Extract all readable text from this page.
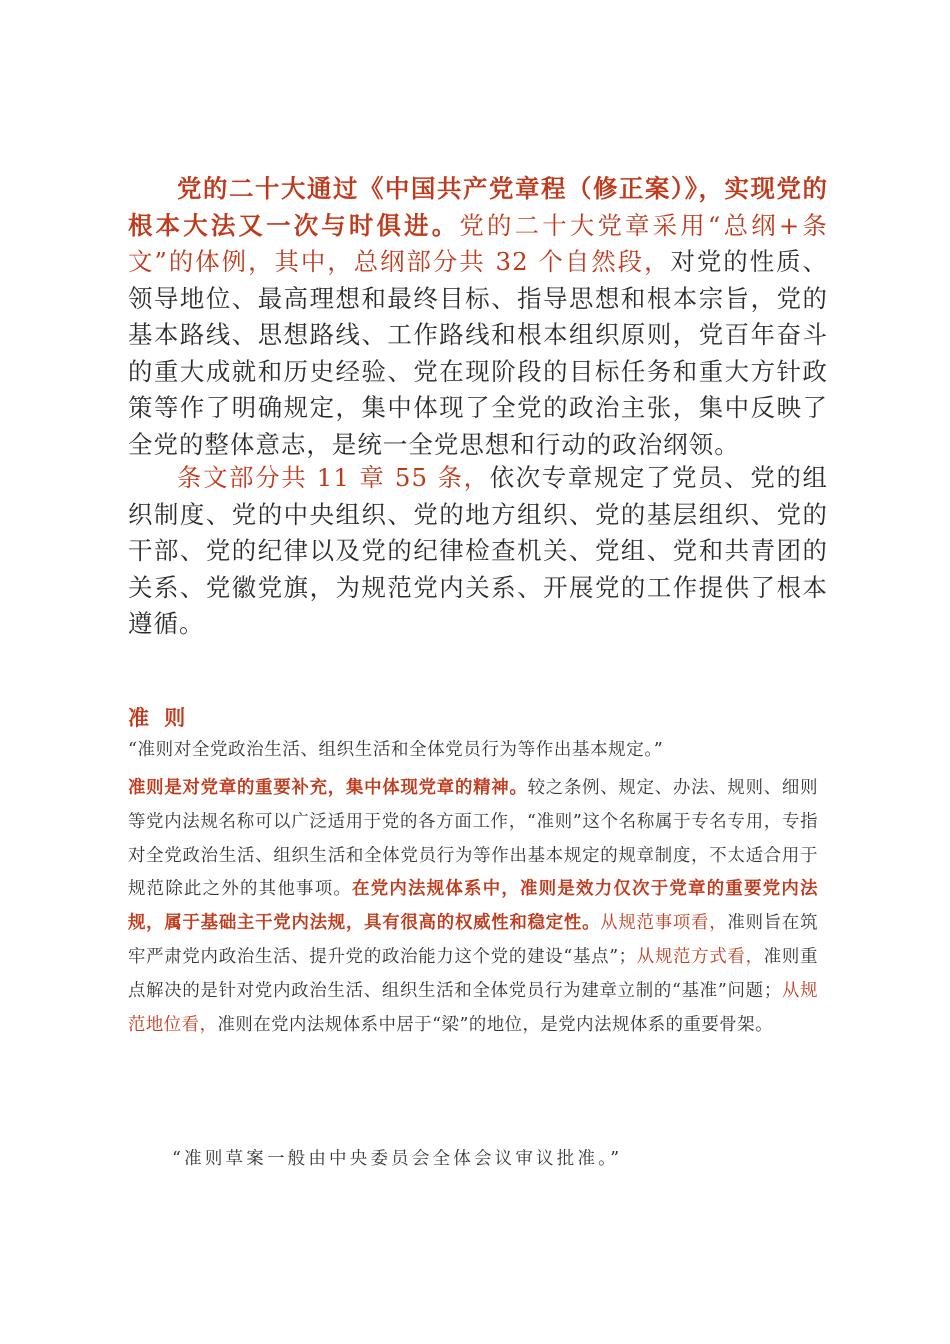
党的二十大通过《中国共产党章程（修正案）》，实现党的根本大法又一次与时俱进。党的二十大党章采用“总纲+条文”的体例，其中，总纲部分共 32 个自然段，对党的性质、领导地位、最高理想和最终目标、指导思想和根本宗旨，党的基本路线、思想路线、工作路线和根本组织原则，党百年奋斗的重大成就和历史经验、党在现阶段的目标任务和重大方针政策等作了明确规定，集中体现了全党的政治主张，集中反映了全党的整体意志，是统一全党思想和行动的政治纲领。

条文部分共 11 章 55 条，依次专章规定了党员、党的组织制度、党的中央组织、党的地方组织、党的基层组织、党的干部、党的纪律以及党的纪律检查机关、党组、党和共青团的关系、党徽党旗，为规范党内关系、开展党的工作提供了根本遵循。

准 则

“准则对全党政治生活、组织生活和全体党员行为等作出基本规定。”

准则是对党章的重要补充，集中体现党章的精神。较之条例、规定、办法、规则、细则等党内法规名称可以广泛适用于党的各方面工作，“准则”这个名称属于专名专用，专指对全党政治生活、组织生活和全体党员行为等作出基本规定的规章制度，不太适合用于规范除此之外的其他事项。在党内法规体系中，准则是效力仅次于党章的重要党内法规，属于基础主干党内法规，具有很高的权威性和稳定性。从规范事项看，准则旨在筑牢严肃党内政治生活、提升党的政治能力这个党的建设“基点”；从规范方式看，准则重点解决的是针对党内政治生活、组织生活和全体党员行为建章立制的“基准”问题；从规范地位看，准则在党内法规体系中居于“梁”的地位，是党内法规体系的重要骨架。

“准则草案一般由中央委员会全体会议审议批准。”
